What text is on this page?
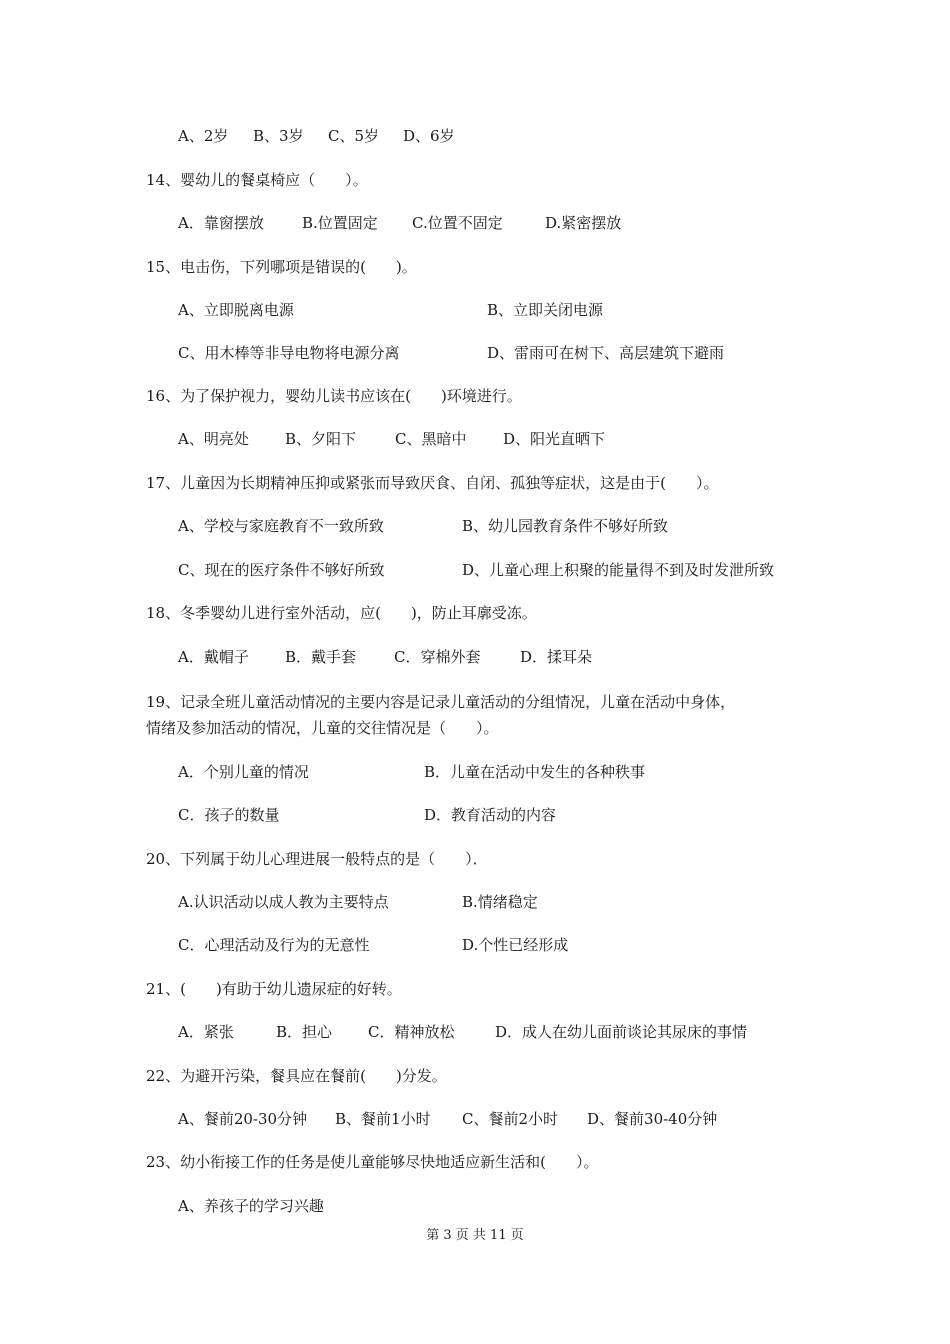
A、2岁 B、3岁 C、5岁 D、6岁
14、婴幼儿的餐桌椅应（　　）。
A．靠窗摆放	B.位置固定 C.位置不固定	D.紧密摆放
15、电击伤，下列哪项是错误的(　　)。
A、立即脱离电源	B、立即关闭电源
C、用木棒等非导电物将电源分离	D、雷雨可在树下、高层建筑下避雨
16、为了保护视力，婴幼儿读书应该在(　　)环境进行。
A、明亮处 B、夕阳下	C、黑暗中 D、阳光直晒下
17、儿童因为长期精神压抑或紧张而导致厌食、自闭、孤独等症状，这是由于(　　）。
A、学校与家庭教育不一致所致	B、幼儿园教育条件不够好所致
C、现在的医疗条件不够好所致	D、儿童心理上积聚的能量得不到及时发泄所致
18、冬季婴幼儿进行室外活动，应(　　)，防止耳廓受冻。
A．戴帽子 B．戴手套	C．穿棉外套	D．揉耳朵
19、记录全班儿童活动情况的主要内容是记录儿童活动的分组情况，儿童在活动中身体，
情绪及参加活动的情况，儿童的交往情况是（　　）。
A．个别儿童的情况	B．儿童在活动中发生的各种秩事
C．孩子的数量	D．教育活动的内容
20、下列属于幼儿心理进展一般特点的是（　　）．
A.认识活动以成人教为主要特点	B.情绪稳定
C．心理活动及行为的无意性	D.个性已经形成
21、(　　)有助于幼儿遗尿症的好转。
A．紧张	B．担心 C．精神放松	D．成人在幼儿面前谈论其尿床的事情
22、为避开污染，餐具应在餐前(　　)分发。
A、餐前20-30分钟 B、餐前1小时 C、餐前2小时 D、餐前30-40分钟
23、幼小衔接工作的任务是使儿童能够尽快地适应新生活和(　　）。
A、养孩子的学习兴趣
第 3 页 共 11 页
